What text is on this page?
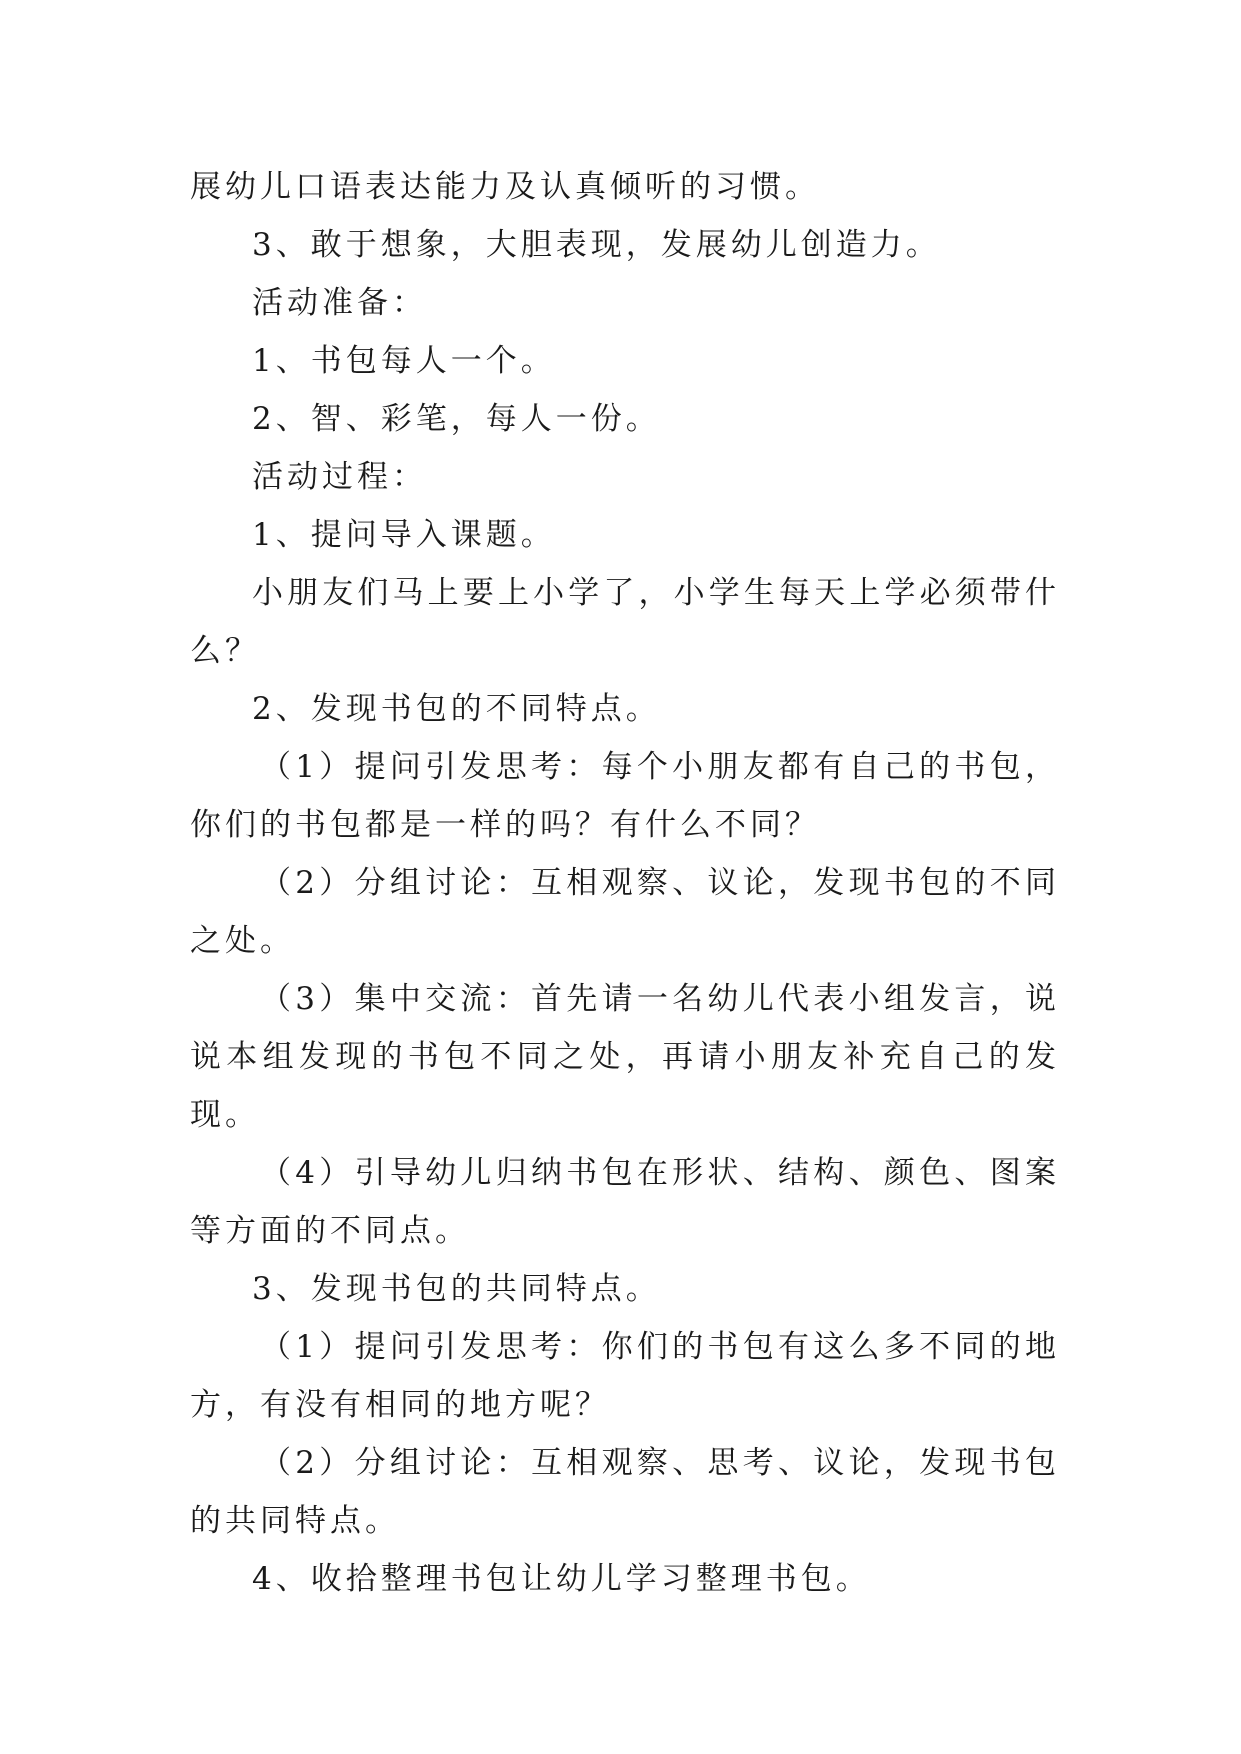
展幼儿口语表达能力及认真倾听的习惯。

3、敢于想象，大胆表现，发展幼儿创造力。

活动准备：

1、书包每人一个。

2、智、彩笔，每人一份。

活动过程：

1、提问导入课题。

小朋友们马上要上小学了，小学生每天上学必须带什么？

2、发现书包的不同特点。

（1）提问引发思考：每个小朋友都有自己的书包，你们的书包都是一样的吗？有什么不同？

（2）分组讨论：互相观察、议论，发现书包的不同之处。

（3）集中交流：首先请一名幼儿代表小组发言，说说本组发现的书包不同之处，再请小朋友补充自己的发现。

（4）引导幼儿归纳书包在形状、结构、颜色、图案等方面的不同点。

3、发现书包的共同特点。

（1）提问引发思考：你们的书包有这么多不同的地方，有没有相同的地方呢？

（2）分组讨论：互相观察、思考、议论，发现书包的共同特点。

4、收拾整理书包让幼儿学习整理书包。
